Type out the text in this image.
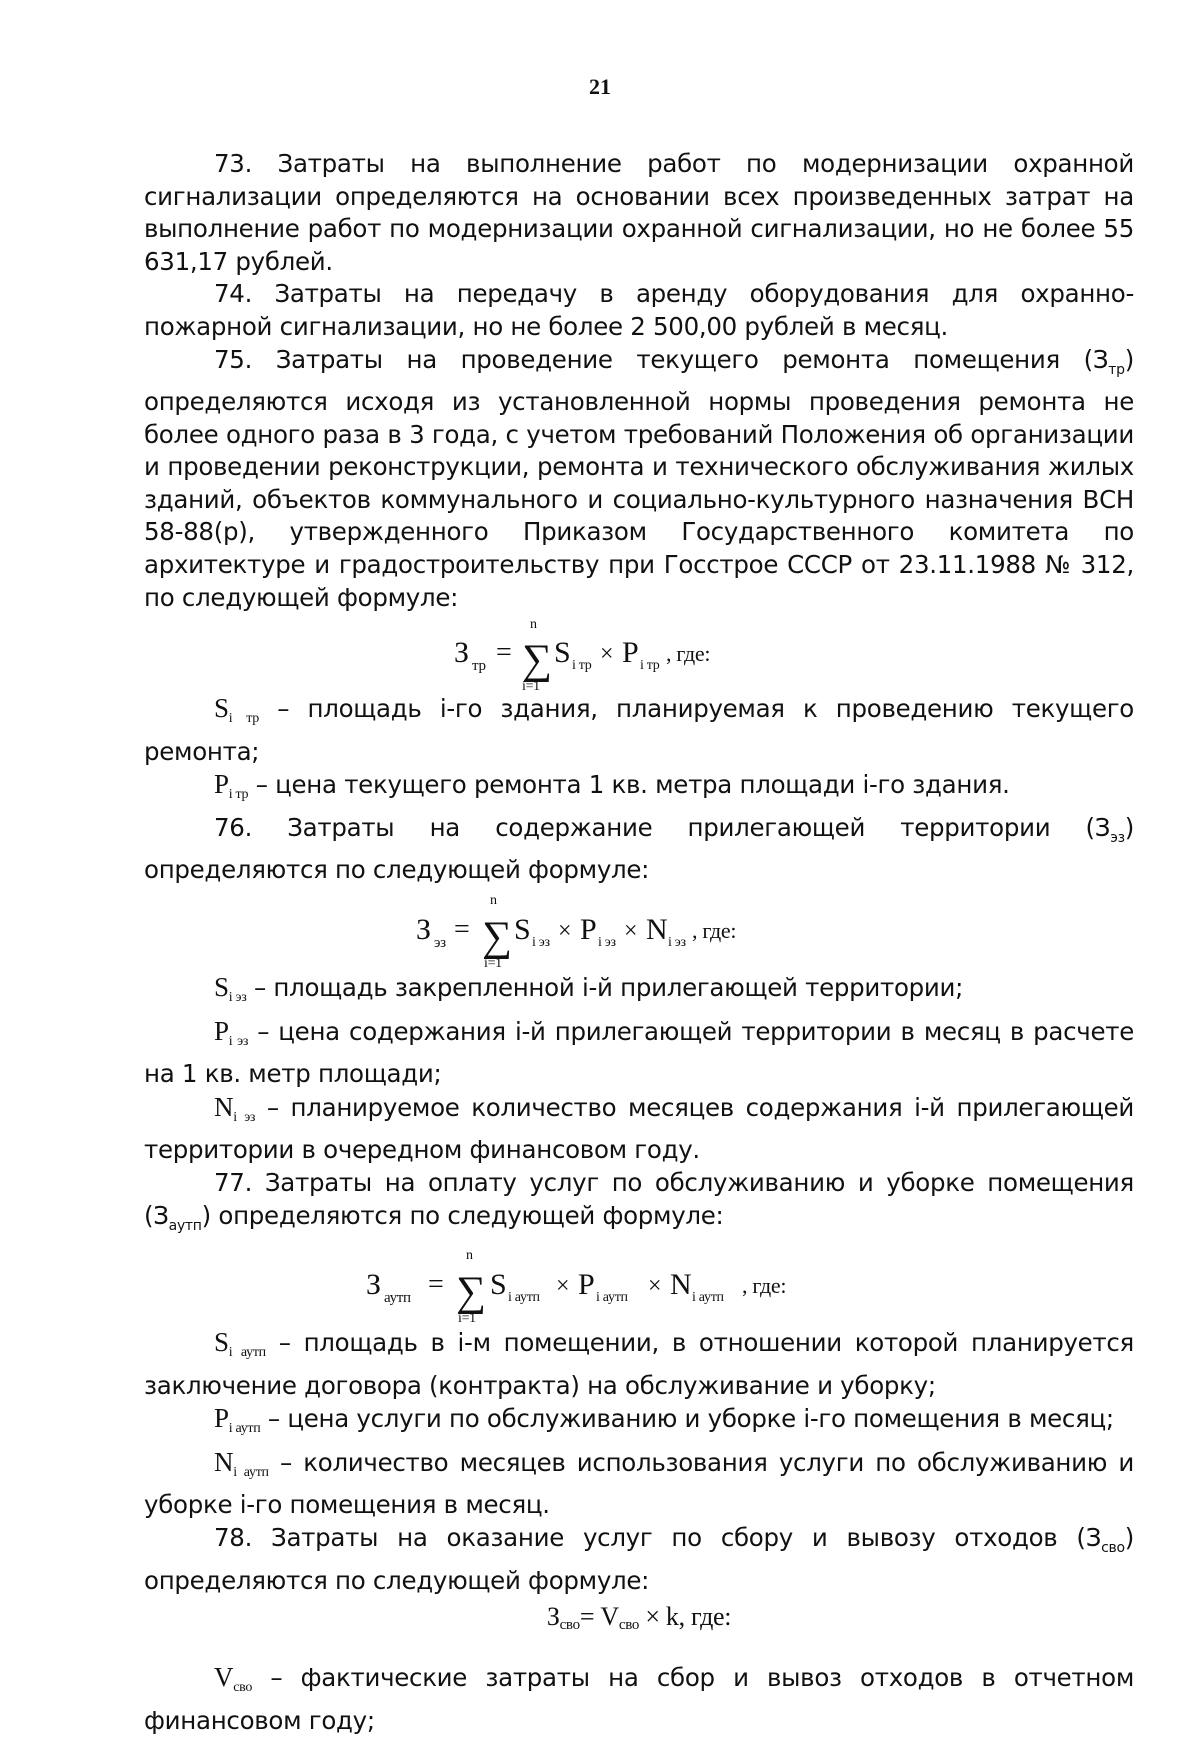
21

73. Затраты на выполнение работ по модернизации охранной сигнализации определяются на основании всех произведенных затрат на выполнение работ по модернизации охранной сигнализации, но не более 55 631,17 рублей.

74. Затраты на передачу в аренду оборудования для охранно-пожарной сигнализации, но не более 2 500,00 рублей в месяц.

75. Затраты на проведение текущего ремонта помещения $(З_{тр})$ определяются исходя из установленной нормы проведения ремонта не более одного раза в 3 года, с учетом требований Положения об организации и проведении реконструкции, ремонта и технического обслуживания жилых зданий, объектов коммунального и социально-культурного назначения ВСН 58-88(р), утвержденного Приказом Государственного комитета по архитектуре и градостроительству при Госстрое СССР от 23.11.1988 № 312, по следующей формуле:

З тр =
n
∑
i=1
S i тр × P i тр , где:

$S_{i тр}$ – площадь i-го здания, планируемая к проведению текущего ремонта;

$P_{i тр}$ – цена текущего ремонта 1 кв. метра площади i-го здания.

76. Затраты на содержание прилегающей территории $(З_{эз})$ определяются по следующей формуле:

З эз =
n
∑
i=1
S i эз × P i эз × N i эз , где:

$S_{i эз}$ – площадь закрепленной i-й прилегающей территории;

$P_{i эз}$ – цена содержания i-й прилегающей территории в месяц в расчете на 1 кв. метр площади;

$N_{i эз}$ – планируемое количество месяцев содержания i-й прилегающей территории в очередном финансовом году.

77. Затраты на оплату услуг по обслуживанию и уборке помещения $(З_{аутп})$ определяются по следующей формуле:

З аутп =
n
∑
i=1
S i аутп × P i аутп × N i аутп , где:

$S_{i аутп}$ – площадь в i-м помещении, в отношении которой планируется заключение договора (контракта) на обслуживание и уборку;

$P_{i аутп}$ – цена услуги по обслуживанию и уборке i-го помещения в месяц;

$N_{i аутп}$ – количество месяцев использования услуги по обслуживанию и уборке i-го помещения в месяц.

78. Затраты на оказание услуг по сбору и вывозу отходов $(З_{сво})$ определяются по следующей формуле:

$З_{сво}= V_{сво} \times k$, где:

$V_{сво}$ – фактические затраты на сбор и вывоз отходов в отчетном финансовом году;
